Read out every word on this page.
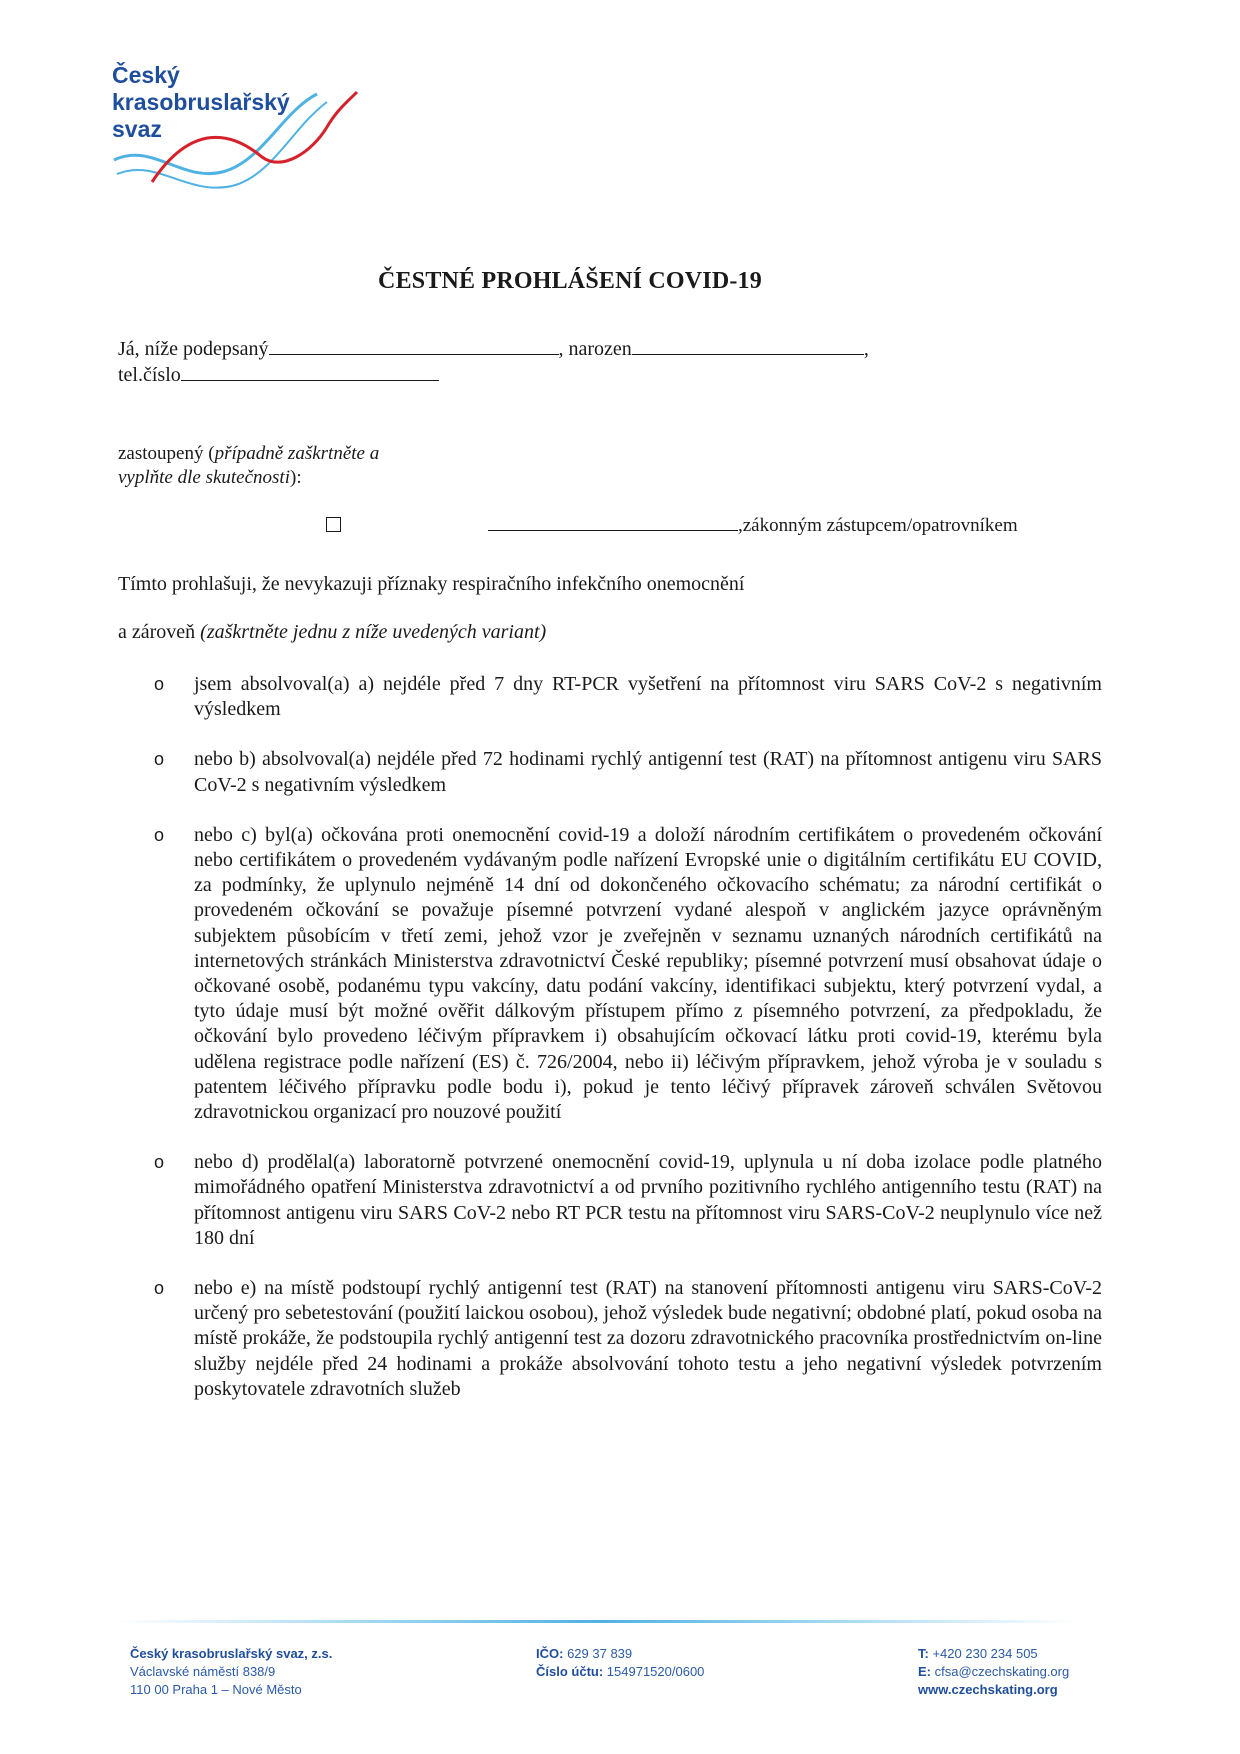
Český
krasobruslařský
svaz
ČESTNÉ PROHLÁŠENÍ COVID-19
Já, níže podepsaný	, narozen	,
tel.číslo
zastoupený (případně zaškrtněte a
vyplňte dle skutečnosti):
,zákonným zástupcem/opatrovníkem
Tímto prohlašuji, že nevykazuji příznaky respiračního infekčního onemocnění
a zároveň (zaškrtněte jednu z níže uvedených variant)
o jsem absolvoval(a) a) nejdéle před 7 dny RT-PCR vyšetření na přítomnost viru SARS CoV-2 s negativním výsledkem
o nebo b) absolvoval(a) nejdéle před 72 hodinami rychlý antigenní test (RAT) na přítomnost antigenu viru SARS CoV-2 s negativním výsledkem
o nebo c) byl(a) očkována proti onemocnění covid-19 a doloží národním certifikátem o provedeném očkování nebo certifikátem o provedeném vydávaným podle nařízení Evropské unie o digitálním certifikátu EU COVID, za podmínky, že uplynulo nejméně 14 dní od dokončeného očkovacího schématu; za národní certifikát o provedeném očkování se považuje písemné potvrzení vydané alespoň v anglickém jazyce oprávněným subjektem působícím v třetí zemi, jehož vzor je zveřejněn v seznamu uznaných národních certifikátů na internetových stránkách Ministerstva zdravotnictví České republiky; písemné potvrzení musí obsahovat údaje o očkované osobě, podanému typu vakcíny, datu podání vakcíny, identifikaci subjektu, který potvrzení vydal, a tyto údaje musí být možné ověřit dálkovým přístupem přímo z písemného potvrzení, za předpokladu, že očkování bylo provedeno léčivým přípravkem i) obsahujícím očkovací látku proti covid-19, kterému byla udělena registrace podle nařízení (ES) č. 726/2004, nebo ii) léčivým přípravkem, jehož výroba je v souladu s patentem léčivého přípravku podle bodu i), pokud je tento léčivý přípravek zároveň schválen Světovou zdravotnickou organizací pro nouzové použití
o nebo d) prodělal(a) laboratorně potvrzené onemocnění covid-19, uplynula u ní doba izolace podle platného mimořádného opatření Ministerstva zdravotnictví a od prvního pozitivního rychlého antigenního testu (RAT) na přítomnost antigenu viru SARS CoV-2 nebo RT PCR testu na přítomnost viru SARS-CoV-2 neuplynulo více než 180 dní
o nebo e) na místě podstoupí rychlý antigenní test (RAT) na stanovení přítomnosti antigenu viru SARS-CoV-2 určený pro sebetestování (použití laickou osobou), jehož výsledek bude negativní; obdobné platí, pokud osoba na místě prokáže, že podstoupila rychlý antigenní test za dozoru zdravotnického pracovníka prostřednictvím on-line služby nejdéle před 24 hodinami a prokáže absolvování tohoto testu a jeho negativní výsledek potvrzením poskytovatele zdravotních služeb
Český krasobruslařský svaz, z.s.
Václavské náměstí 838/9
110 00 Praha 1 – Nové Město
IČO: 629 37 839
Číslo účtu: 154971520/0600
T: +420 230 234 505
E: cfsa@czechskating.org
www.czechskating.org
